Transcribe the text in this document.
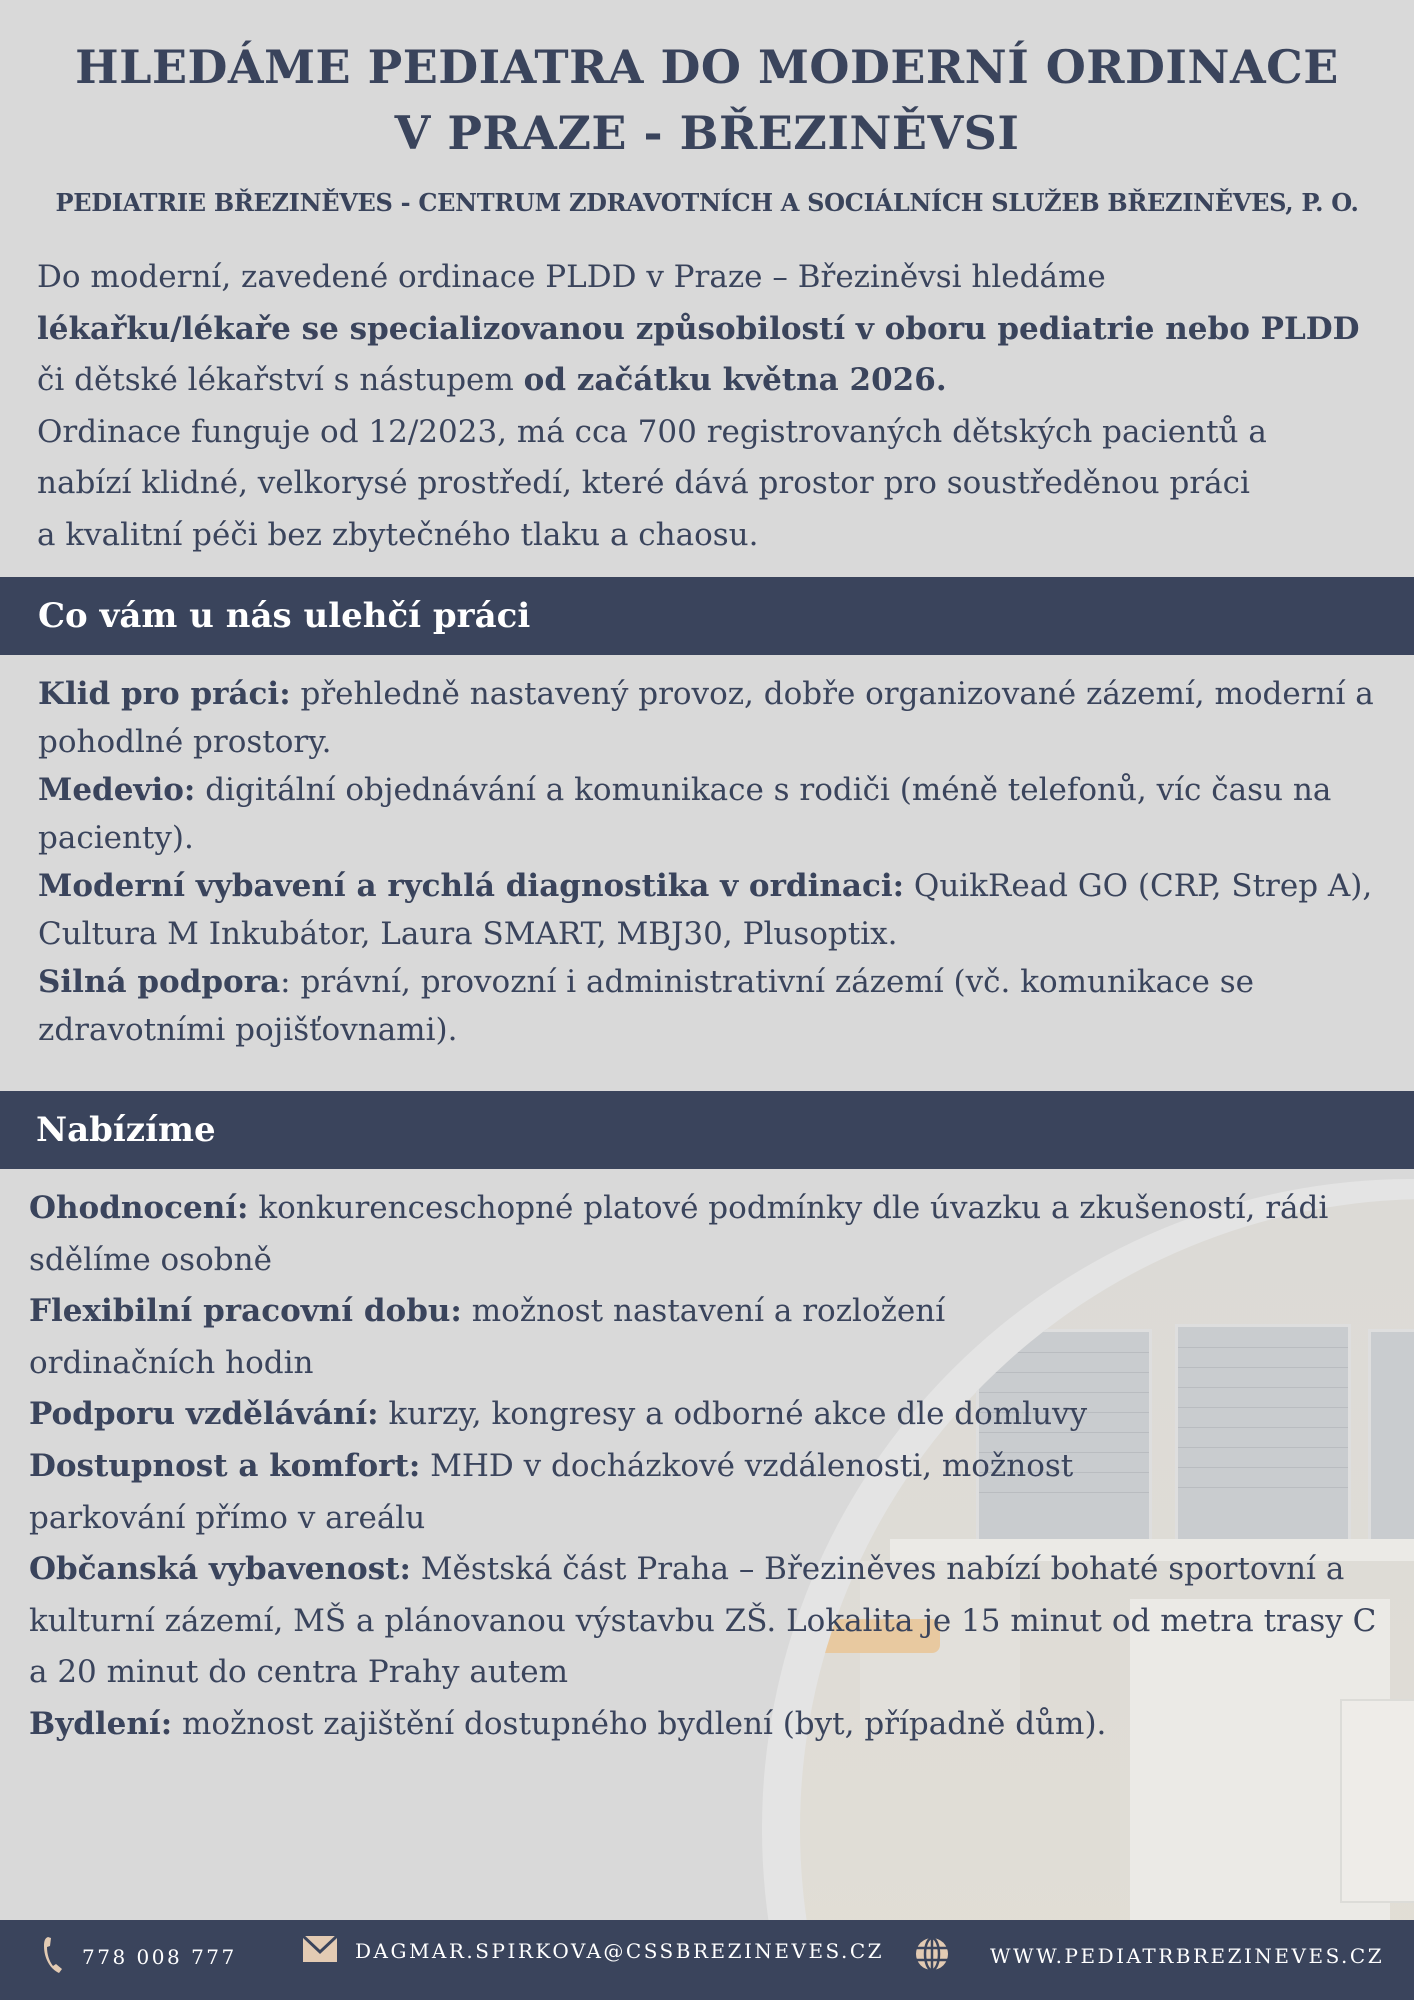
HLEDÁME PEDIATRA DO MODERNÍ ORDINACE
V PRAZE - BŘEZINĚVSI
PEDIATRIE BŘEZINĚVES - CENTRUM ZDRAVOTNÍCH A SOCIÁLNÍCH SLUŽEB BŘEZINĚVES, P. O.
Do moderní, zavedené ordinace PLDD v Praze – Březiněvsi hledáme
lékařku/lékaře se specializovanou způsobilostí v oboru pediatrie nebo PLDD
či dětské lékařství s nástupem od začátku května 2026.
Ordinace funguje od 12/2023, má cca 700 registrovaných dětských pacientů a
nabízí klidné, velkorysé prostředí, které dává prostor pro soustředěnou práci
a kvalitní péči bez zbytečného tlaku a chaosu.
Co vám u nás ulehčí práci

Klid pro práci: přehledně nastavený provoz, dobře organizované zázemí, moderní a pohodlné prostory.

Medevio: digitální objednávání a komunikace s rodiči (méně telefonů, víc času na pacienty).

Moderní vybavení a rychlá diagnostika v ordinaci: QuikRead GO (CRP, Strep A), Cultura M Inkubátor, Laura SMART, MBJ30, Plusoptix.

Silná podpora: právní, provozní i administrativní zázemí (vč. komunikace se zdravotními pojišťovnami).

Nabízíme

Ohodnocení: konkurenceschopné platové podmínky dle úvazku a zkušeností, rádi sdělíme osobně

Flexibilní pracovní dobu: možnost nastavení a rozložení
ordinačních hodin

Podporu vzdělávání: kurzy, kongresy a odborné akce dle domluvy

Dostupnost a komfort: MHD v docházkové vzdálenosti, možnost
parkování přímo v areálu

Občanská vybavenost: Městská část Praha – Březiněves nabízí bohaté sportovní a kulturní zázemí, MŠ a plánovanou výstavbu ZŠ. Lokalita je 15 minut od metra trasy C a 20 minut do centra Prahy autem

Bydlení: možnost zajištění dostupného bydlení (byt, případně dům).

778 008 777	DAGMAR.SPIRKOVA@CSSBREZINEVES.CZ	WWW.PEDIATRBREZINEVES.CZ
